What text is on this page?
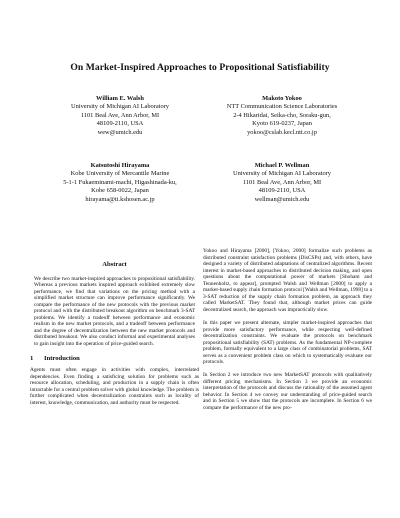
On Market-Inspired Approaches to Propositional Satisfiability
William E. Walsh
University of Michigan AI Laboratory
1101 Beal Ave, Ann Arbor, MI
48109-2110, USA
wew@umich.edu
Makoto Yokoo
NTT Communication Science Laboratories
2-4 Hikaridai, Seika-cho, Soraku-gun,
Kyoto 619-0237, Japan
yokoo@cslab.kecl.ntt.co.jp
Katsutoshi Hirayama
Kobe University of Mercantile Marine
5-1-1 Fukaeminami-machi, Higashinada-ku,
Kobe 658-0022, Japan
hirayama@ti.kshosen.ac.jp
Michael P. Wellman
University of Michigan AI Laboratory
1101 Beal Ave, Ann Arbor, MI
48109-2110, USA
wellman@umich.edu
Abstract

We describe two market-inspired approaches to propositional satisfiability. Whereas a previous markets inspired approach exhibited extremely slow performance, we find that variations on the pricing method with a simplified market structure can improve performance significantly. We compare the performance of the new protocols with the previous market protocol and with the distributed breakout algorithm on benchmark 3-SAT problems. We identify a tradeoff between performance and economic realism in the new market protocols, and a tradeoff between performance and the degree of decentralization between the new market protocols and distributed breakout. We also conduct informal and experimental analyses to gain insight into the operation of price-guided search.

1 Introduction

Agents must often engage in activities with complex, interrelated dependencies. Even finding a satisficing solution for problems such as resource allocation, scheduling, and production in a supply chain is often intractable for a central problem solver with global knowledge. The problem is further complicated when decentralization constraints such as locality of interest, knowledge, communication, and authority must be respected.

Yokoo and Hirayama [2000], [Yokoo, 2000] formalize such problems as distributed constraint satisfaction problems (DisCSPs) and, with others, have designed a variety of distributed adaptations of centralized algorithms. Recent interest in market-based approaches to distributed decision making, and open questions about the computational power of markets [Shoham and Tennenholtz, to appear], prompted Walsh and Wellman [2000] to apply a market-based supply chain formation protocol [Walsh and Wellman, 1998] to a 3-SAT reduction of the supply chain formation problem, an approach they called MarketSAT. They found that, although market prices can guide decentralized search, the approach was impractically slow.

In this paper we present alternate, simpler market-inspired approaches that provide more satisfactory performance, while respecting well-defined decentralization constraints. We evaluate the protocols on benchmark propositional satisfiability (SAT) problems. As the fundamental NP-complete problem, formally equivalent to a large class of combinatorial problems, SAT serves as a convenient problem class on which to systematically evaluate our protocols.

In Section 2 we introduce two new MarketSAT protocols with qualitatively different pricing mechanisms. In Section 3 we provide an economic interpretation of the protocols and discuss the rationality of the assumed agent behavior. In Section 4 we convey our understanding of price-guided search and in Section 5 we show that the protocols are incomplete. In Section 6 we compare the performance of the new pro-
